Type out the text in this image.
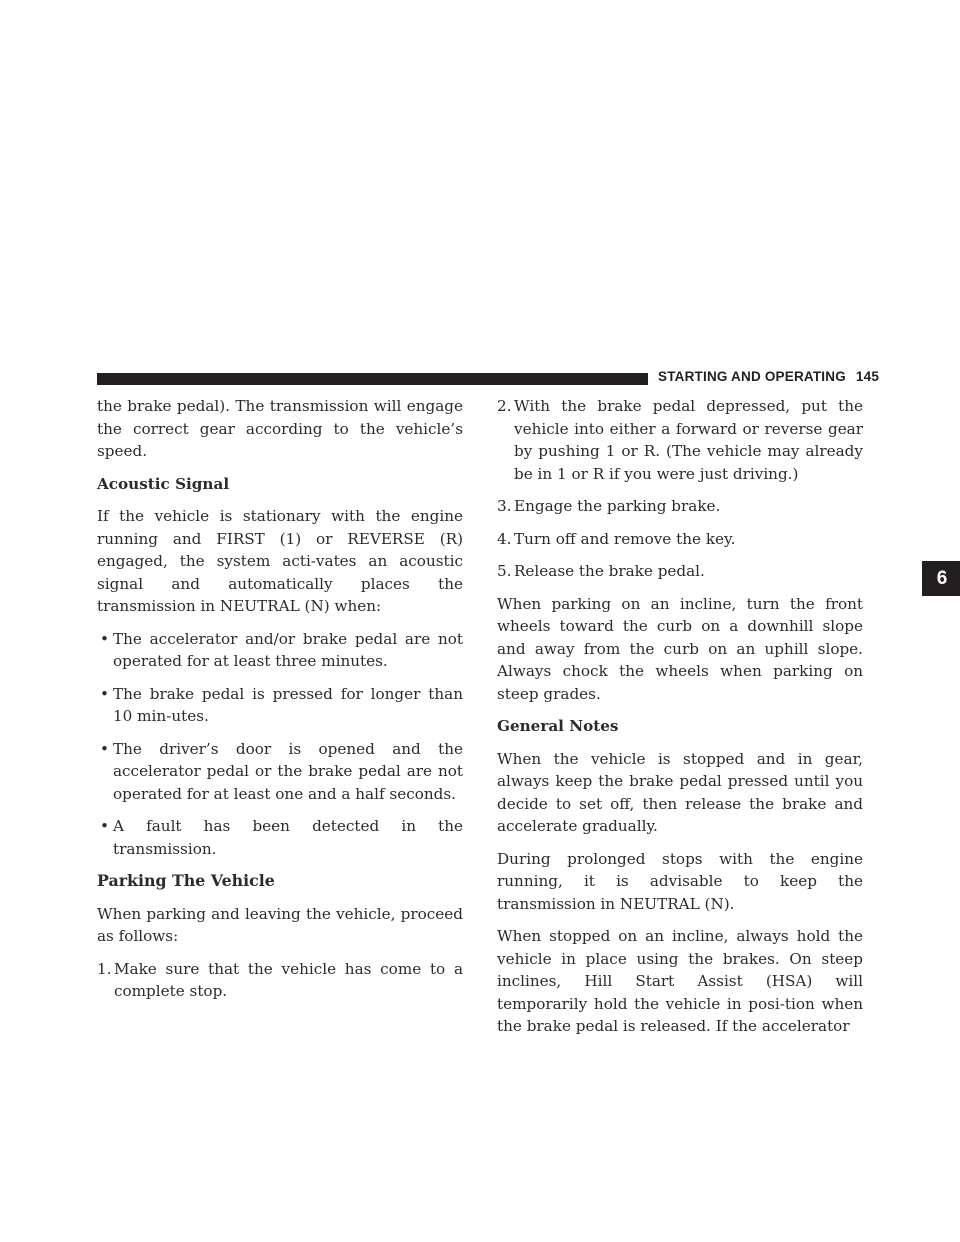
STARTING AND OPERATING 145
6

the brake pedal). The transmission will engage the correct gear according to the vehicle’s speed.

Acoustic Signal

If the vehicle is stationary with the engine running and FIRST (1) or REVERSE (R) engaged, the system acti-vates an acoustic signal and automatically places the transmission in NEUTRAL (N) when:

• The accelerator and/or brake pedal are not operated for at least three minutes.
• The brake pedal is pressed for longer than 10 min-utes.
• The driver’s door is opened and the accelerator pedal or the brake pedal are not operated for at least one and a half seconds.
• A fault has been detected in the transmission.
Parking The Vehicle

When parking and leaving the vehicle, proceed as follows:

1. Make sure that the vehicle has come to a complete stop.
2. With the brake pedal depressed, put the vehicle into either a forward or reverse gear by pushing 1 or R. (The vehicle may already be in 1 or R if you were just driving.)
3. Engage the parking brake.
4. Turn off and remove the key.
5. Release the brake pedal.

When parking on an incline, turn the front wheels toward the curb on a downhill slope and away from the curb on an uphill slope. Always chock the wheels when parking on steep grades.

General Notes

When the vehicle is stopped and in gear, always keep the brake pedal pressed until you decide to set off, then release the brake and accelerate gradually.

During prolonged stops with the engine running, it is advisable to keep the transmission in NEUTRAL (N).

When stopped on an incline, always hold the vehicle in place using the brakes. On steep inclines, Hill Start Assist (HSA) will temporarily hold the vehicle in posi-tion when the brake pedal is released. If the accelerator
